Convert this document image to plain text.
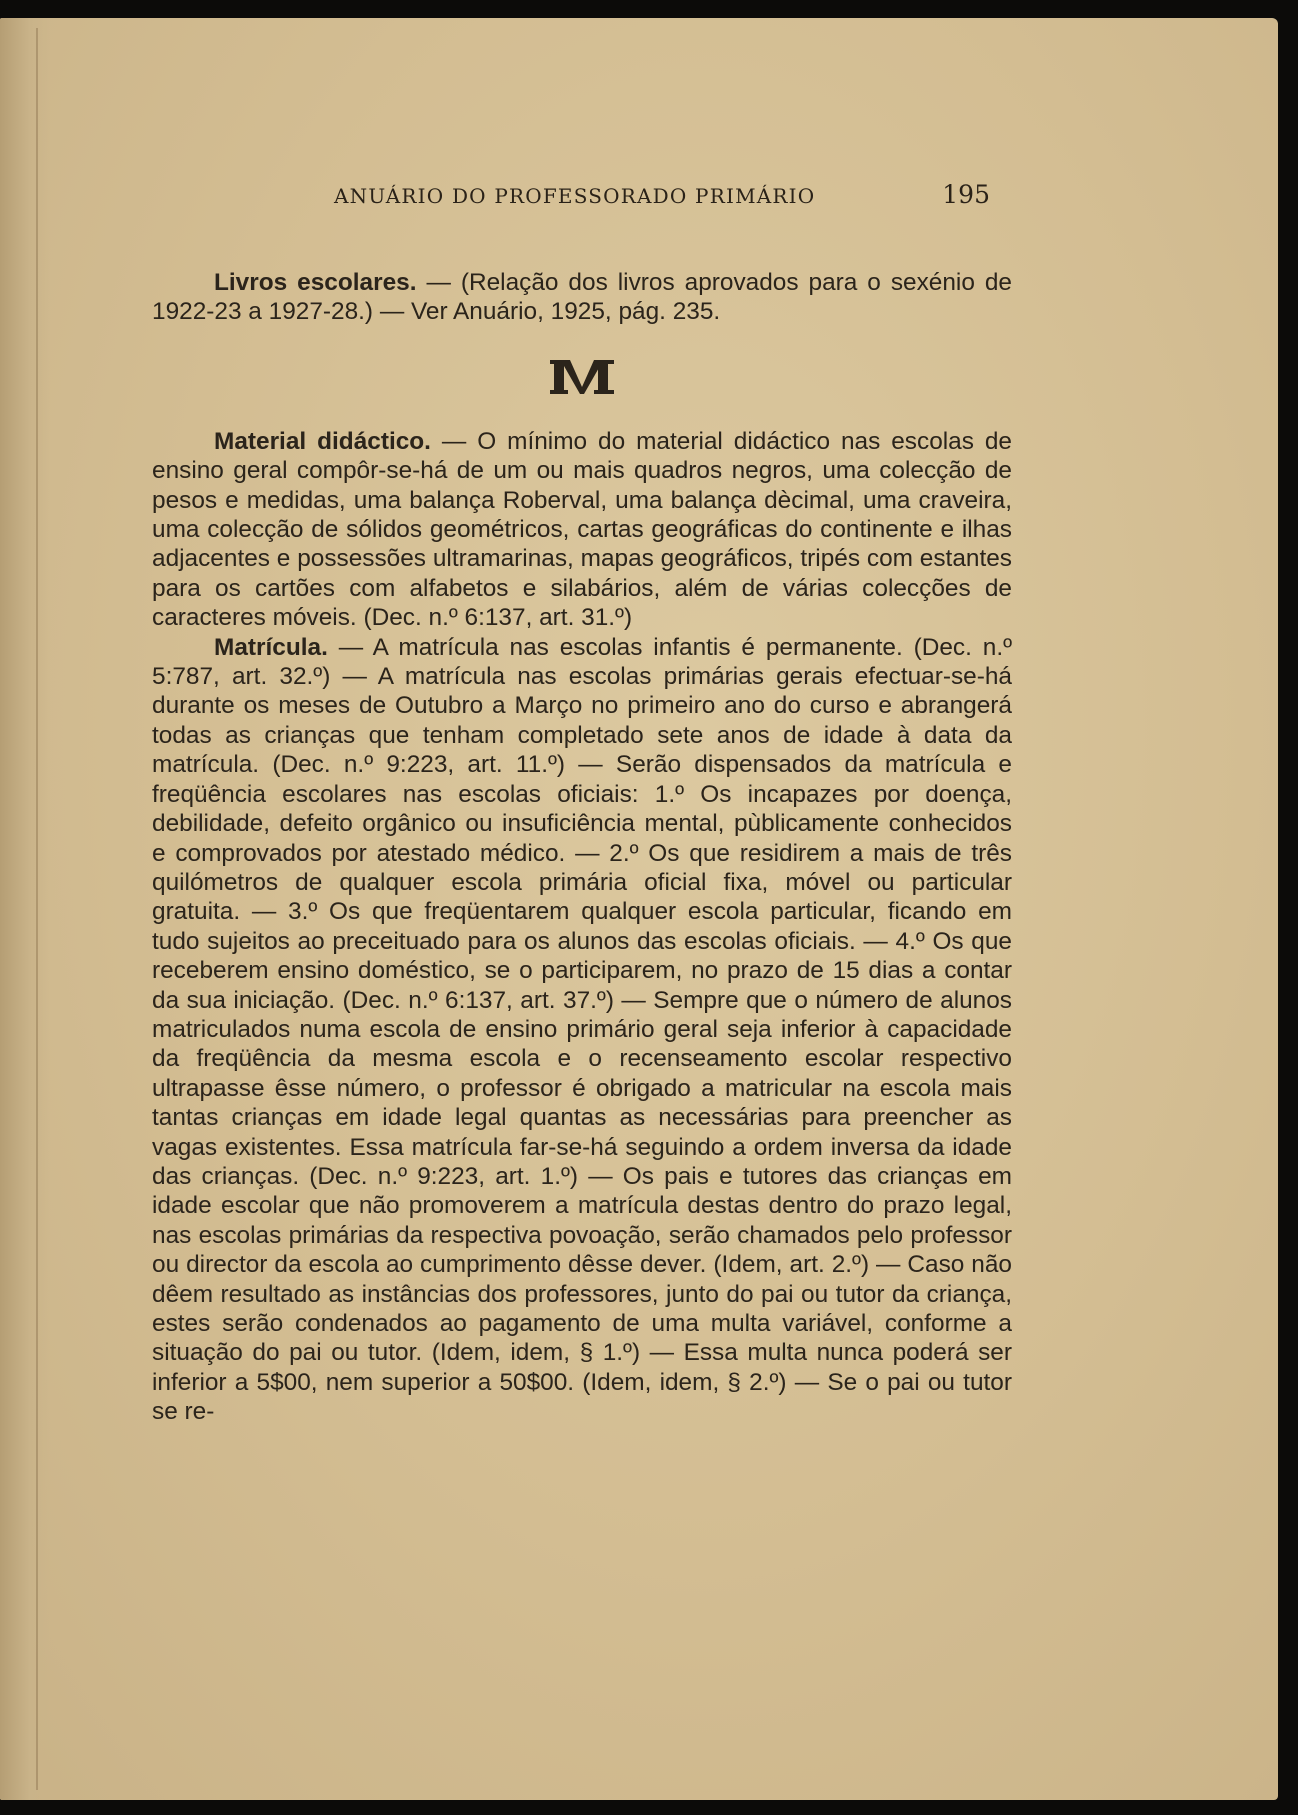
ANUÁRIO DO PROFESSORADO PRIMÁRIO	195

Livros escolares. — (Relação dos livros aprovados para o sexénio de 1922-23 a 1927-28.) — Ver Anuário, 1925, pág. 235.

Material didáctico. — O mínimo do material didáctico nas escolas de ensino geral compôr-se-há de um ou mais quadros negros, uma colecção de pesos e medidas, uma balança Roberval, uma balança dècimal, uma craveira, uma colecção de sólidos geométricos, cartas geográficas do continente e ilhas adjacentes e possessões ultramarinas, mapas geográficos, tripés com estantes para os cartões com alfabetos e silabários, além de várias colecções de caracteres móveis. (Dec. n.º 6:137, art. 31.º)

Matrícula. — A matrícula nas escolas infantis é permanente. (Dec. n.º 5:787, art. 32.º) — A matrícula nas escolas primárias gerais efectuar-se-há durante os meses de Outubro a Março no primeiro ano do curso e abrangerá todas as crianças que tenham completado sete anos de idade à data da matrícula. (Dec. n.º 9:223, art. 11.º) — Serão dispensados da matrícula e freqüência escolares nas escolas oficiais: 1.º Os incapazes por doença, debilidade, defeito orgânico ou insuficiência mental, pùblicamente conhecidos e comprovados por atestado médico. — 2.º Os que residirem a mais de três quilómetros de qualquer escola primária oficial fixa, móvel ou particular gratuita. — 3.º Os que freqüentarem qualquer escola particular, ficando em tudo sujeitos ao preceituado para os alunos das escolas oficiais. — 4.º Os que receberem ensino doméstico, se o participarem, no prazo de 15 dias a contar da sua iniciação. (Dec. n.º 6:137, art. 37.º) — Sempre que o número de alunos matriculados numa escola de ensino primário geral seja inferior à capacidade da freqüência da mesma escola e o recenseamento escolar respectivo ultrapasse êsse número, o professor é obrigado a matricular na escola mais tantas crianças em idade legal quantas as necessárias para preencher as vagas existentes. Essa matrícula far-se-há seguindo a ordem inversa da idade das crianças. (Dec. n.º 9:223, art. 1.º) — Os pais e tutores das crianças em idade escolar que não promoverem a matrícula destas dentro do prazo legal, nas escolas primárias da respectiva povoação, serão chamados pelo professor ou director da escola ao cumprimento dêsse dever. (Idem, art. 2.º) — Caso não dêem resultado as instâncias dos professores, junto do pai ou tutor da criança, estes serão condenados ao pagamento de uma multa variável, conforme a situação do pai ou tutor. (Idem, idem, § 1.º) — Essa multa nunca poderá ser inferior a 5$00, nem superior a 50$00. (Idem, idem, § 2.º) — Se o pai ou tutor se re-
